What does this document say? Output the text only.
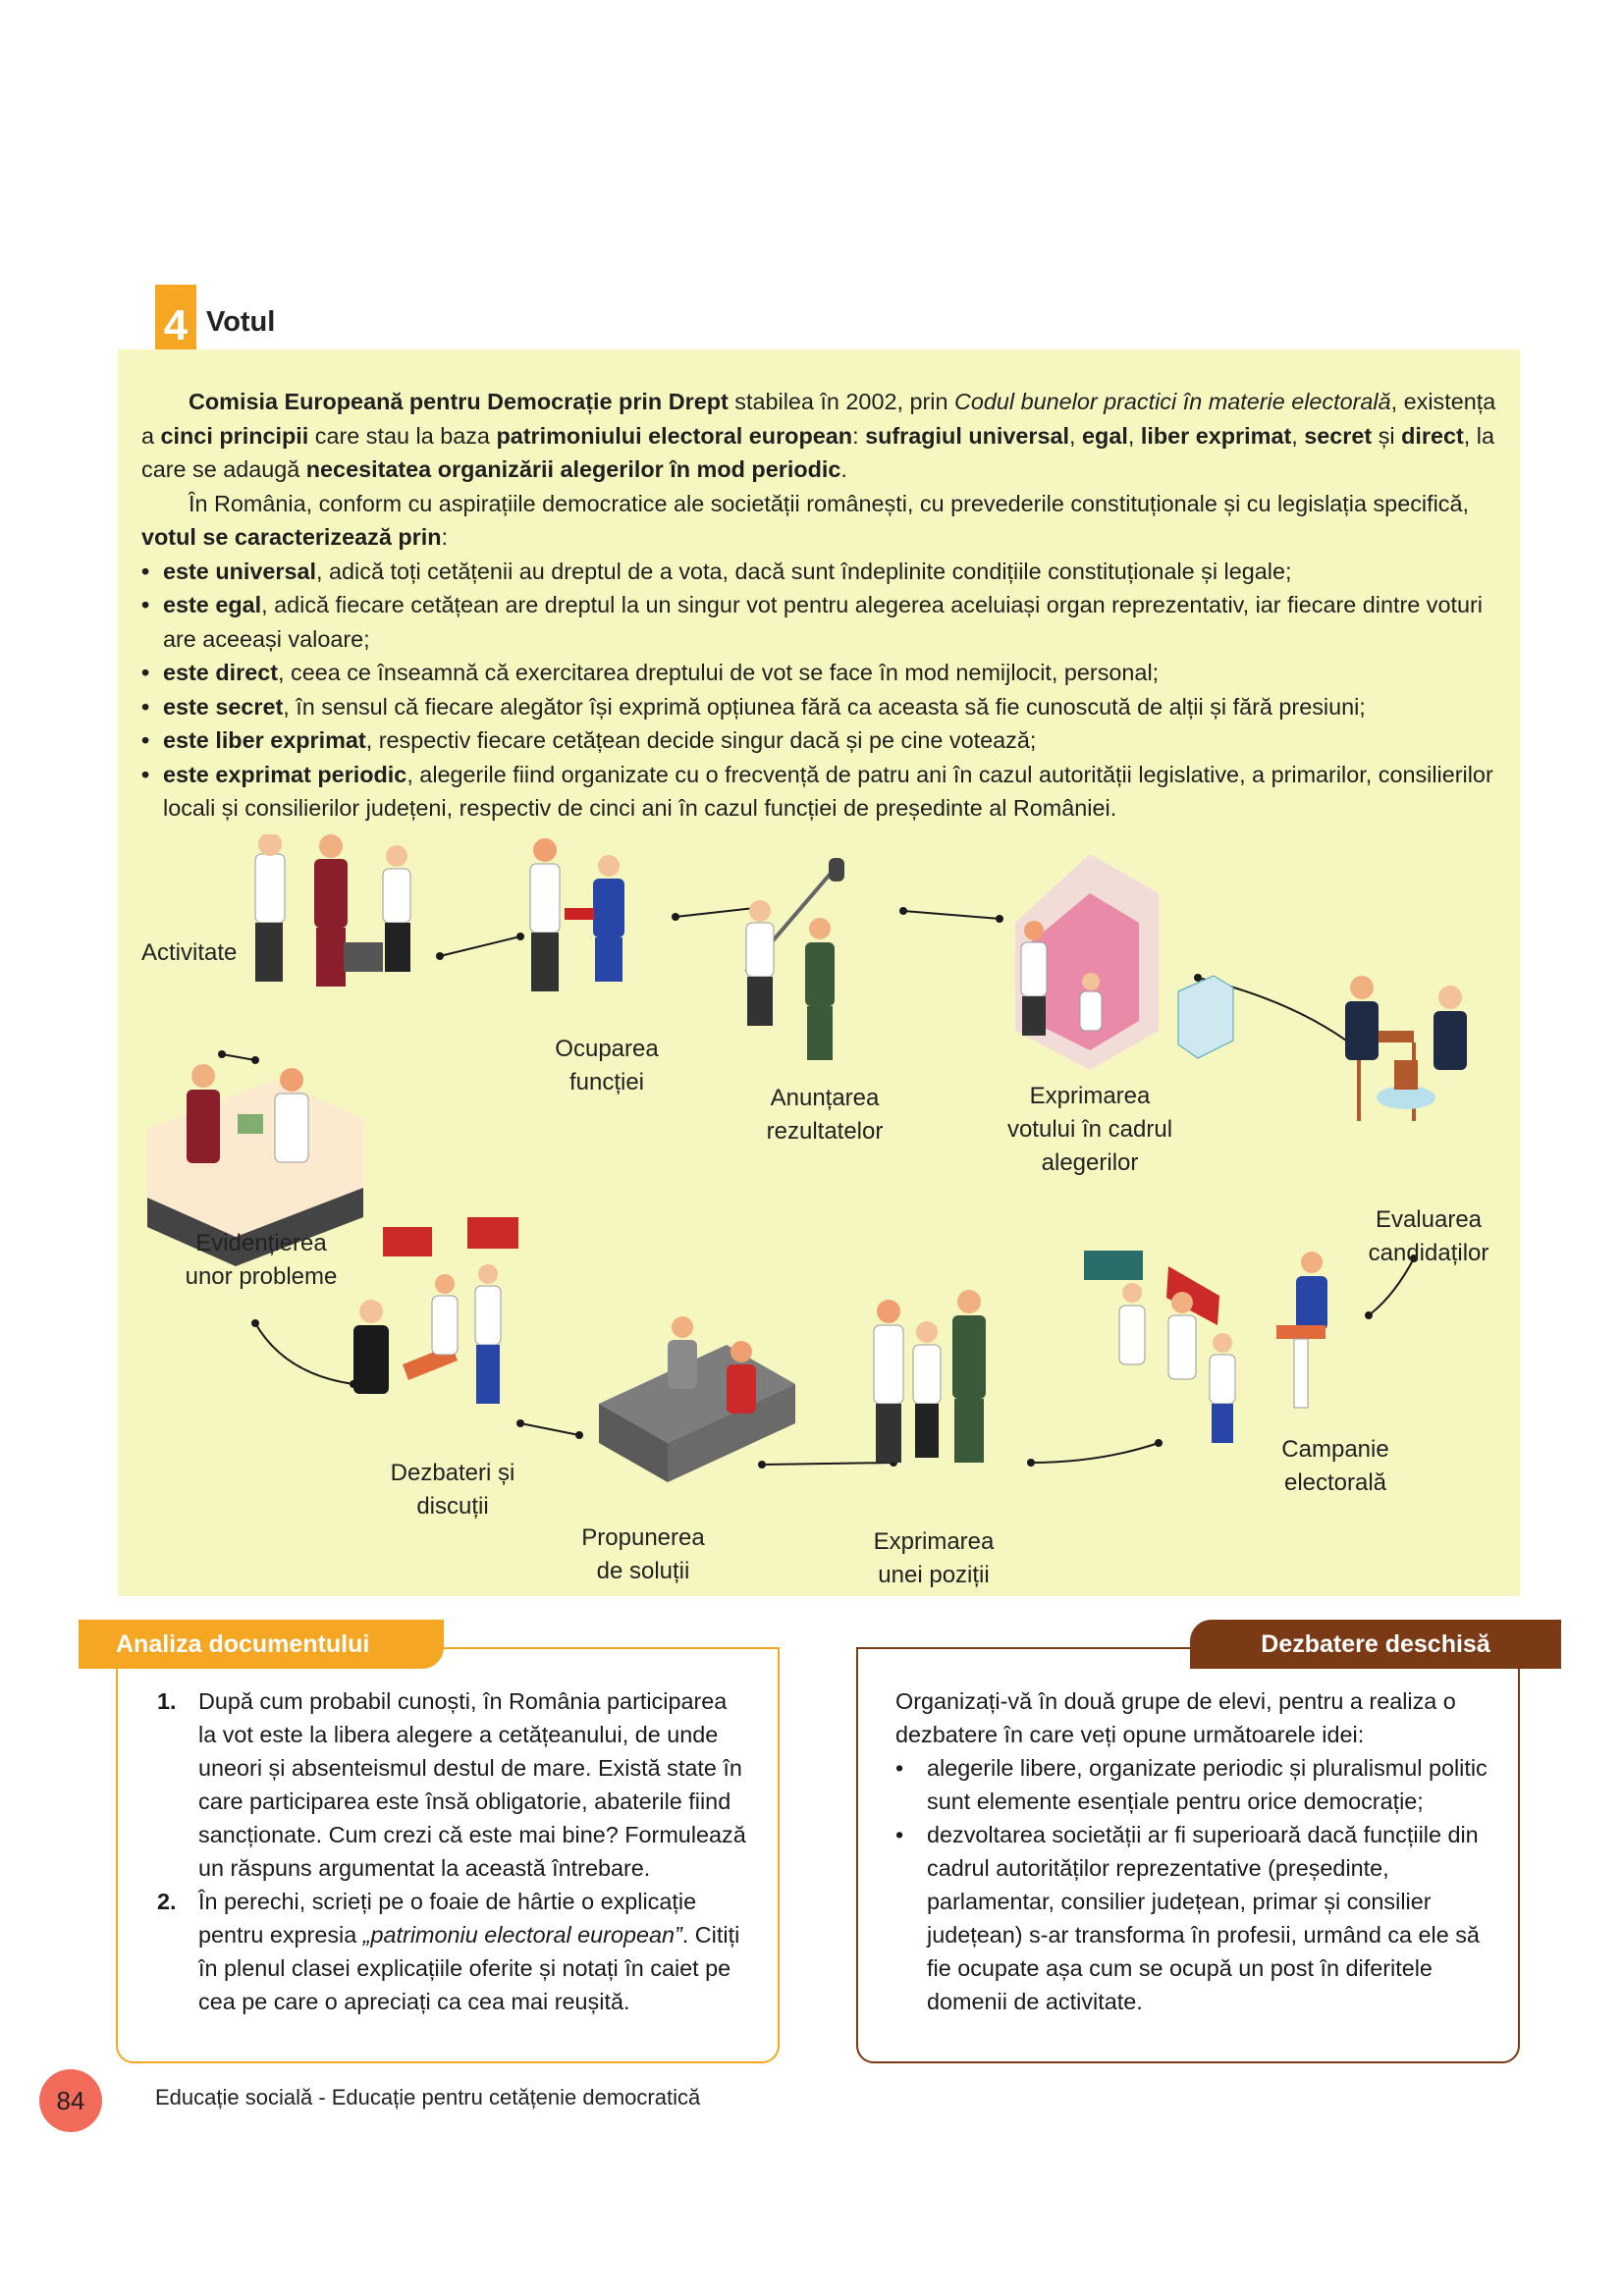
4 Votul

Comisia Europeană pentru Democrație prin Drept stabilea în 2002, prin Codul bunelor practici în materie electorală, existența a cinci principii care stau la baza patrimoniului electoral european: sufragiul universal, egal, liber exprimat, secret și direct, la care se adaugă necesitatea organizării alegerilor în mod periodic.

În România, conform cu aspirațiile democratice ale societății românești, cu prevederile constituționale și cu legislația specifică, votul se caracterizează prin:

• este universal, adică toți cetățenii au dreptul de a vota, dacă sunt îndeplinite condițiile constituționale și legale;
• este egal, adică fiecare cetățean are dreptul la un singur vot pentru alegerea aceluiași organ reprezentativ, iar fiecare dintre voturi are aceeași valoare;
• este direct, ceea ce înseamnă că exercitarea dreptului de vot se face în mod nemijlocit, personal;
• este secret, în sensul că fiecare alegător își exprimă opțiunea fără ca aceasta să fie cunoscută de alții și fără presiuni;
• este liber exprimat, respectiv fiecare cetățean decide singur dacă și pe cine votează;
• este exprimat periodic, alegerile fiind organizate cu o frecvență de patru ani în cazul autorității legislative, a primarilor, consilierilor locali și consilierilor județeni, respectiv de cinci ani în cazul funcției de președinte al României.
Activitate
Ocuparea
funcției
Anunțarea
rezultatelor
Exprimarea
votului în cadrul
alegerilor
Evaluarea
candidaților
Evidențierea
unor probleme
Campanie
electorală
Dezbateri și
discuții
Propunerea
de soluții
Exprimarea
unei poziții
1. După cum probabil cunoști, în România participarea la vot este la libera alegere a cetățeanului, de unde uneori și absenteismul destul de mare. Există state în care participarea este însă obligatorie, abaterile fiind sancționate. Cum crezi că este mai bine? Formulează un răspuns argumentat la această întrebare.
2. În perechi, scrieți pe o foaie de hârtie o explicație pentru expresia „patrimoniu electoral european”. Citiți în plenul clasei explicațiile oferite și notați în caiet pe cea pe care o apreciați ca cea mai reușită.
Analiza documentului

Organizați-vă în două grupe de elevi, pentru a realiza o dezbatere în care veți opune următoarele idei:

• alegerile libere, organizate periodic și pluralismul politic sunt elemente esențiale pentru orice democrație;
• dezvoltarea societății ar fi superioară dacă funcțiile din cadrul autorităților reprezentative (președinte, parlamentar, consilier județean, primar și consilier județean) s-ar transforma în profesii, urmând ca ele să fie ocupate așa cum se ocupă un post în diferitele domenii de activitate.
Dezbatere deschisă
84	Educație socială - Educație pentru cetățenie democratică
